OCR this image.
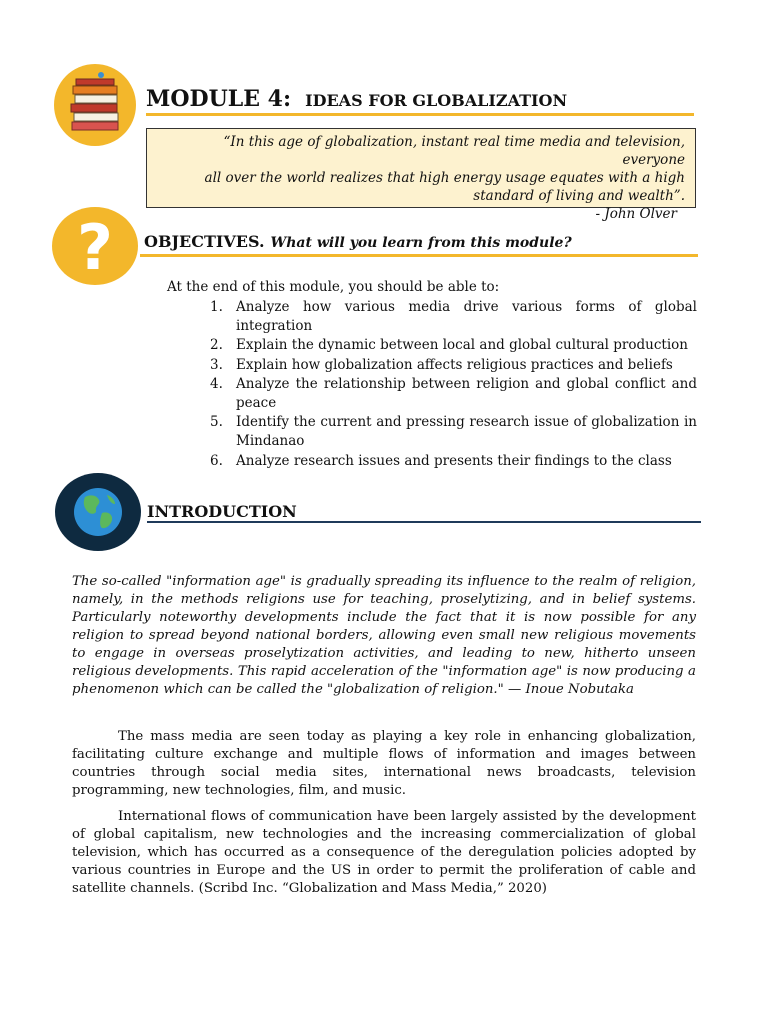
MODULE 4: IDEAS FOR GLOBALIZATION

“In this age of globalization, instant real time media and television, everyone

all over the world realizes that high energy usage equates with a high

standard of living and wealth”.

- John Olver

? OBJECTIVES. What will you learn from this module?
At the end of this module, you should be able to:
1. Analyze how various media drive various forms of global integration
2. Explain the dynamic between local and global cultural production
3. Explain how globalization affects religious practices and beliefs
4. Analyze the relationship between religion and global conflict and peace
5. Identify the current and pressing research issue of globalization in Mindanao
6. Analyze research issues and presents their findings to the class
INTRODUCTION
The so-called "information age" is gradually spreading its influence to the realm of religion, namely, in the methods religions use for teaching, proselytizing, and in belief systems. Particularly noteworthy developments include the fact that it is now possible for any religion to spread beyond national borders, allowing even small new religious movements to engage in overseas proselytization activities, and leading to new, hitherto unseen religious developments. This rapid acceleration of the "information age" is now producing a phenomenon which can be called the "globalization of religion." — Inoue Nobutaka

The mass media are seen today as playing a key role in enhancing globalization, facilitating culture exchange and multiple flows of information and images between countries through social media sites, international news broadcasts, television programming, new technologies, film, and music.

International flows of communication have been largely assisted by the development of global capitalism, new technologies and the increasing commercialization of global television, which has occurred as a consequence of the deregulation policies adopted by various countries in Europe and the US in order to permit the proliferation of cable and satellite channels. (Scribd Inc. “Globalization and Mass Media,” 2020)
